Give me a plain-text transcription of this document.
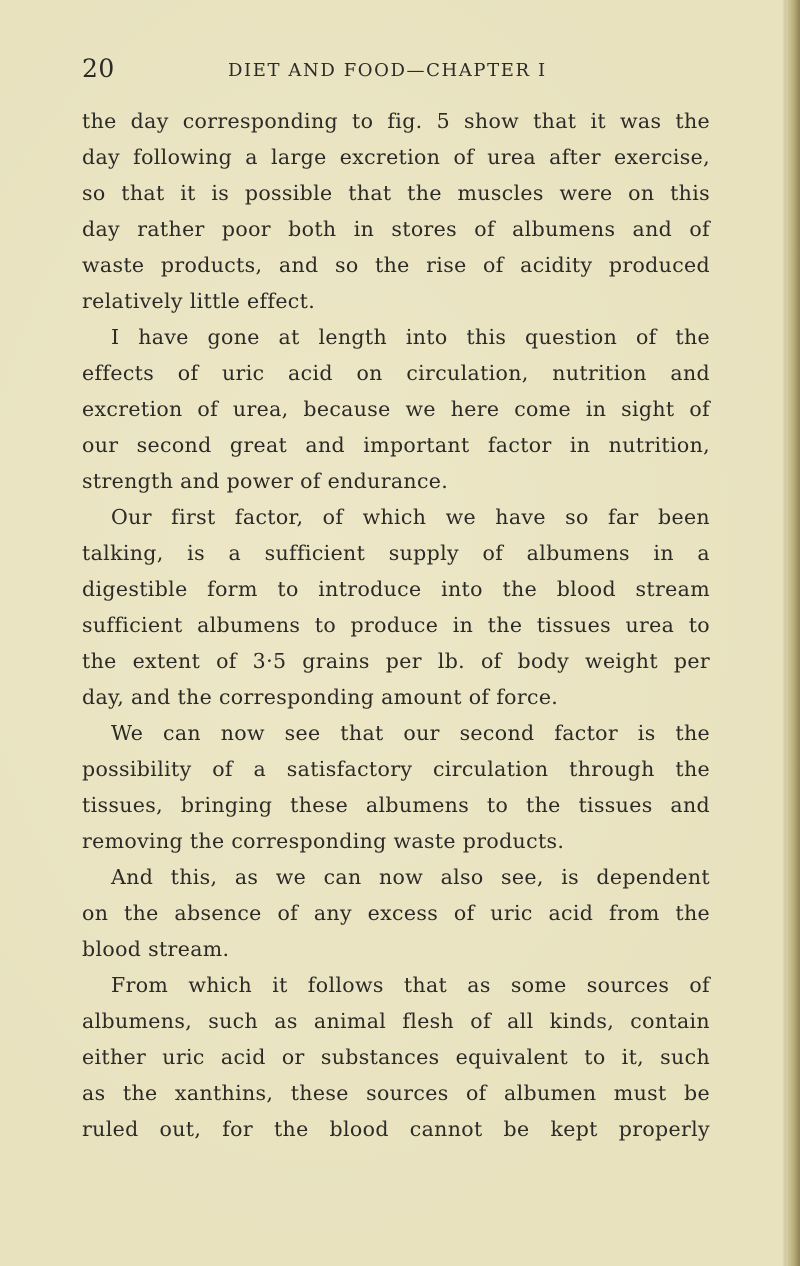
20	DIET AND FOOD—CHAPTER I
the day corresponding to fig. 5 show that it was the
day following a large excretion of urea after exercise,
so that it is possible that the muscles were on this
day rather poor both in stores of albumens and of
waste products, and so the rise of acidity produced
relatively little effect.
I have gone at length into this question of the
effects of uric acid on circulation, nutrition and
excretion of urea, because we here come in sight of
our second great and important factor in nutrition,
strength and power of endurance.
Our first factor, of which we have so far been
talking, is a sufficient supply of albumens in a
digestible form to introduce into the blood stream
sufficient albumens to produce in the tissues urea to
the extent of 3·5 grains per lb. of body weight per
day, and the corresponding amount of force.
We can now see that our second factor is the
possibility of a satisfactory circulation through the
tissues, bringing these albumens to the tissues and
removing the corresponding waste products.
And this, as we can now also see, is dependent
on the absence of any excess of uric acid from the
blood stream.
From which it follows that as some sources of
albumens, such as animal flesh of all kinds, contain
either uric acid or substances equivalent to it, such
as the xanthins, these sources of albumen must be
ruled out, for the blood cannot be kept properly
